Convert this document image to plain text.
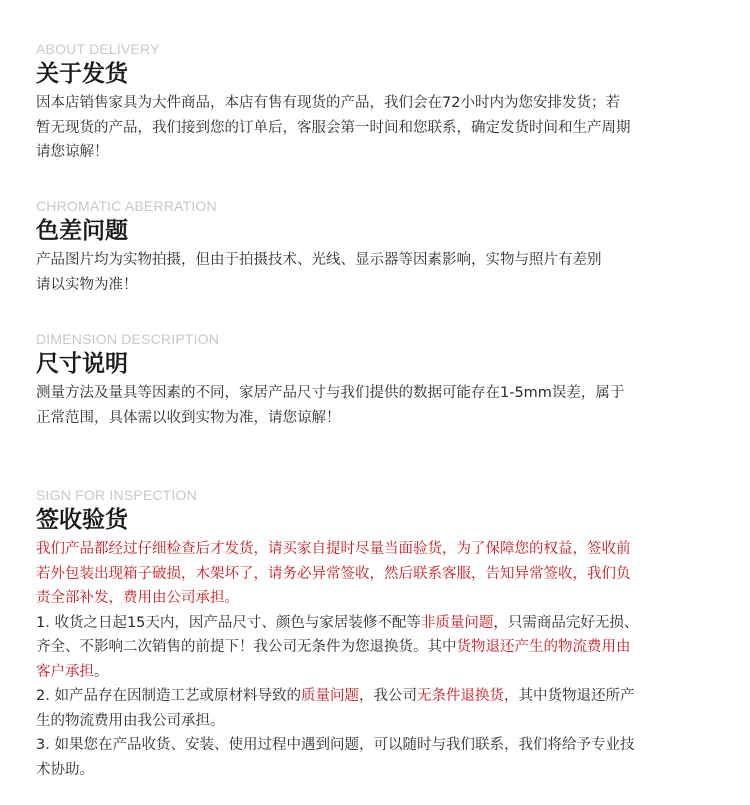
ABOUT DELIVERY
关于发货
因本店销售家具为大件商品，本店有售有现货的产品，我们会在72小时内为您安排发货；若
暂无现货的产品，我们接到您的订单后，客服会第一时间和您联系，确定发货时间和生产周期
请您谅解！
CHROMATIC ABERRATION
色差问题
产品图片均为实物拍摄，但由于拍摄技术、光线、显示器等因素影响，实物与照片有差别
请以实物为准！
DIMENSION DESCRIPTION
尺寸说明
测量方法及量具等因素的不同，家居产品尺寸与我们提供的数据可能存在1-5mm误差，属于
正常范围，具体需以收到实物为准，请您谅解！
SIGN FOR INSPECTION
签收验货
我们产品都经过仔细检查后才发货，请买家自提时尽量当面验货，为了保障您的权益，签收前
若外包装出现箱子破损，木架坏了，请务必异常签收，然后联系客服，告知异常签收，我们负
责全部补发，费用由公司承担。
1. 收货之日起15天内，因产品尺寸、颜色与家居装修不配等非质量问题，只需商品完好无损、
齐全、不影响二次销售的前提下！我公司无条件为您退换货。其中货物退还产生的物流费用由
客户承担。
2. 如产品存在因制造工艺或原材料导致的质量问题，我公司无条件退换货，其中货物退还所产
生的物流费用由我公司承担。
3. 如果您在产品收货、安装、使用过程中遇到问题，可以随时与我们联系，我们将给予专业技
术协助。
